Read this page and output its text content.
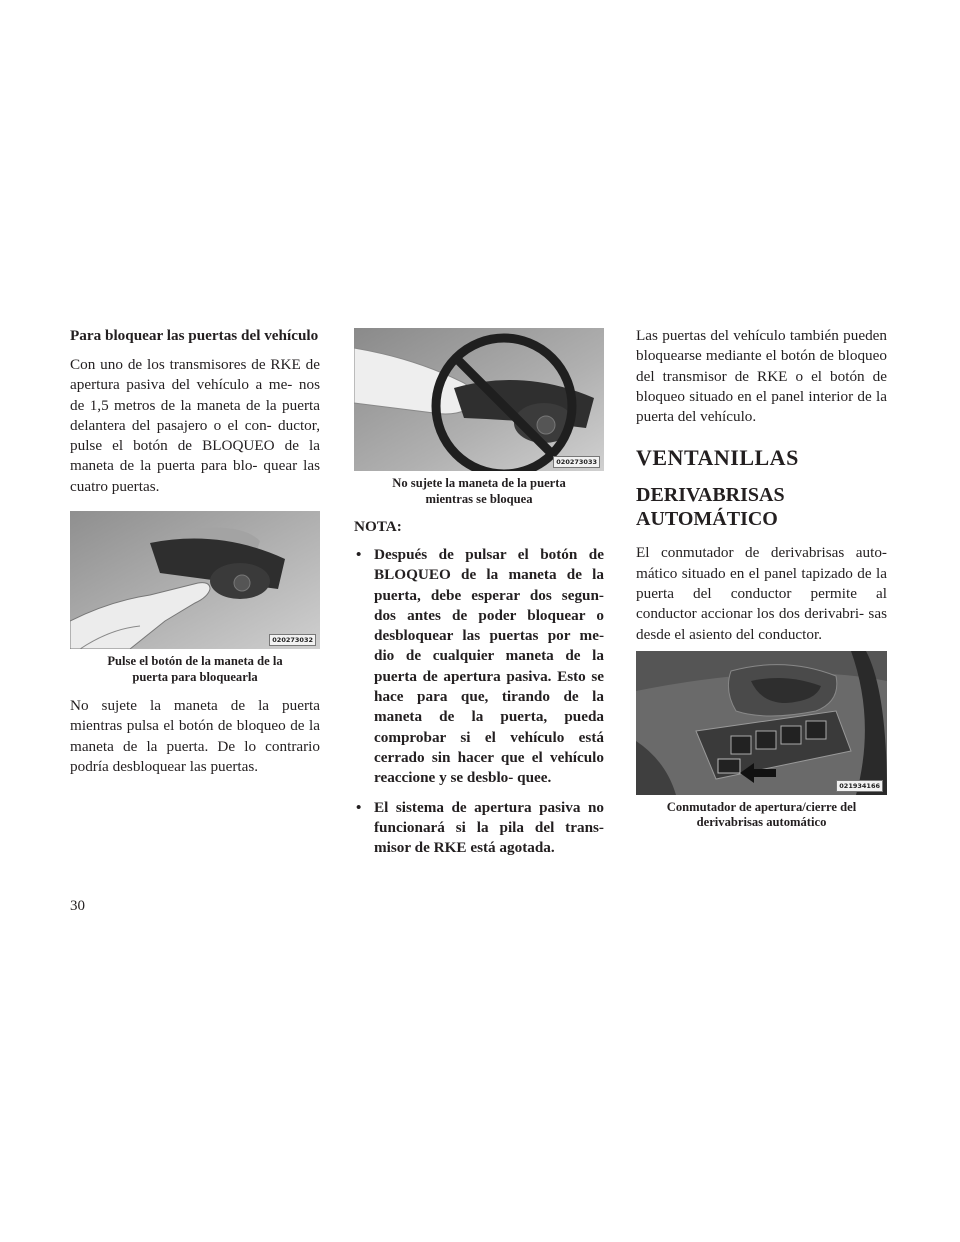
Para bloquear las puertas del vehículo

Con uno de los transmisores de RKE de apertura pasiva del vehículo a me- nos de 1,5 metros de la maneta de la puerta delantera del pasajero o el con- ductor, pulse el botón de BLOQUEO de la maneta de la puerta para blo- quear las cuatro puertas.

020273032

Pulse el botón de la maneta de la puerta para bloquearla

No sujete la maneta de la puerta mientras pulsa el botón de bloqueo de la maneta de la puerta. De lo contrario podría desbloquear las puertas.

020273033

No sujete la maneta de la puerta mientras se bloquea

NOTA:

• Después de pulsar el botón de BLOQUEO de la maneta de la puerta, debe esperar dos segun- dos antes de poder bloquear o desbloquear las puertas por me- dio de cualquier maneta de la puerta de apertura pasiva. Esto se hace para que, tirando de la maneta de la puerta, pueda comprobar si el vehículo está cerrado sin hacer que el vehículo reaccione y se desblo- quee.
• El sistema de apertura pasiva no funcionará si la pila del trans- misor de RKE está agotada.

Las puertas del vehículo también pueden bloquearse mediante el botón de bloqueo del transmisor de RKE o el botón de bloqueo situado en el panel interior de la puerta del vehículo.

VENTANILLAS
DERIVABRISAS
AUTOMÁTICO

El conmutador de derivabrisas auto- mático situado en el panel tapizado de la puerta del conductor permite al conductor accionar los dos derivabri- sas desde el asiento del conductor.

021934166

Conmutador de apertura/cierre del derivabrisas automático

30
